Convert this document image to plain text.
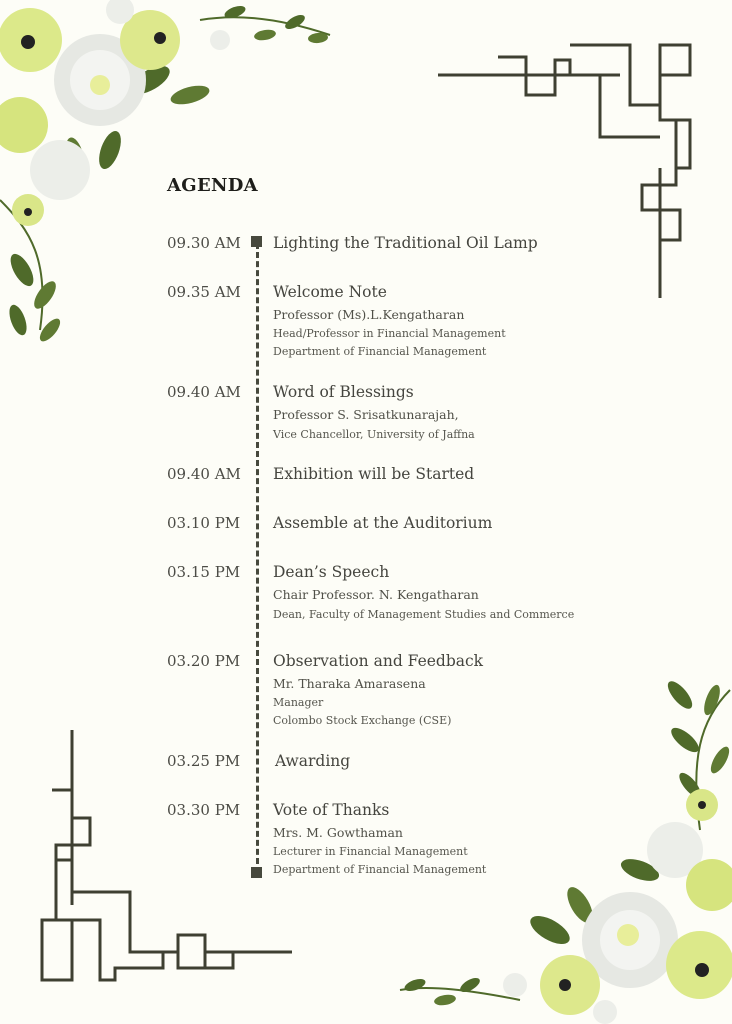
AGENDA
09.30 AM Lighting the Traditional Oil Lamp
09.35 AM Welcome Note
Professor (Ms).L.Kengatharan
Head/Professor in Financial Management
Department of Financial Management
09.40 AM Word of Blessings
Professor S. Srisatkunarajah,
Vice Chancellor, University of Jaffna
09.40 AM Exhibition will be Started
03.10 PM Assemble at the Auditorium
03.15 PM Dean’s Speech
Chair Professor. N. Kengatharan
Dean, Faculty of Management Studies and Commerce
03.20 PM Observation and Feedback
Mr. Tharaka Amarasena
Manager
Colombo Stock Exchange (CSE)
03.25 PM Awarding
03.30 PM Vote of Thanks
Mrs. M. Gowthaman
Lecturer in Financial Management
Department of Financial Management
